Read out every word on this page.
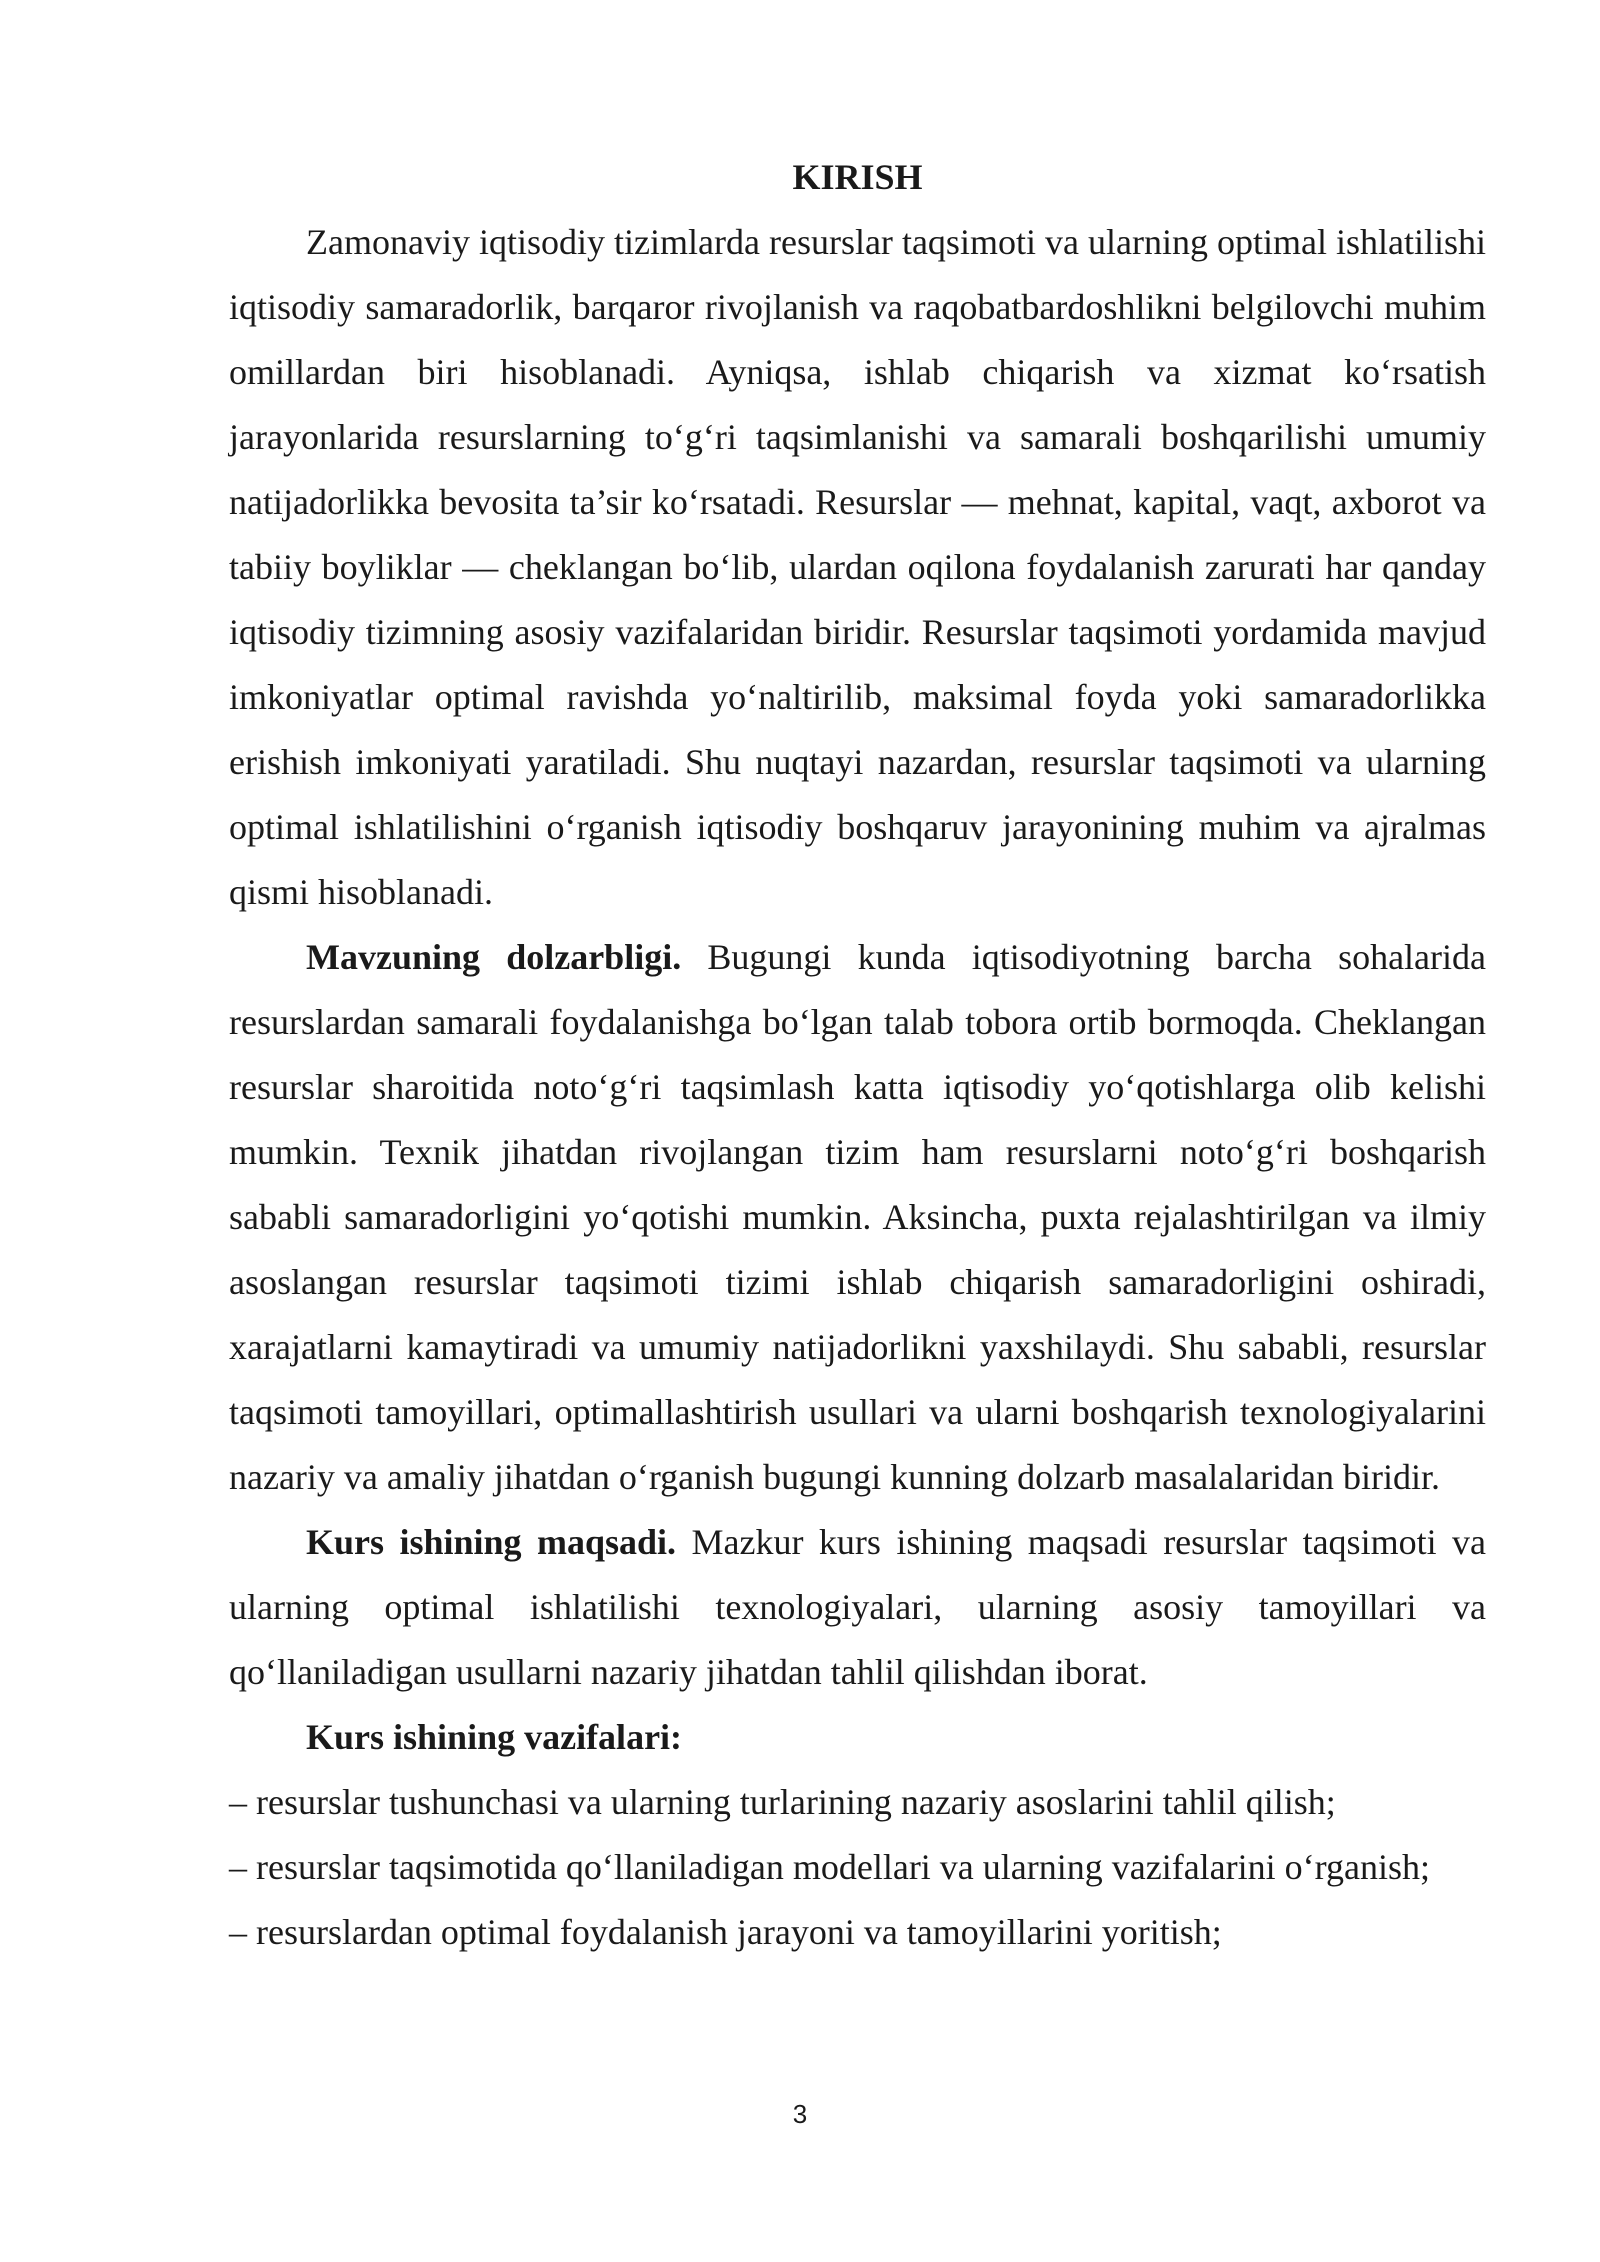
KIRISH

Zamonaviy iqtisodiy tizimlarda resurslar taqsimoti va ularning optimal ishlatilishi iqtisodiy samaradorlik, barqaror rivojlanish va raqobatbardoshlikni belgilovchi muhim omillardan biri hisoblanadi. Ayniqsa, ishlab chiqarish va xizmat ko‘rsatish jarayonlarida resurslarning to‘g‘ri taqsimlanishi va samarali boshqarilishi umumiy natijadorlikka bevosita ta’sir ko‘rsatadi. Resurslar — mehnat, kapital, vaqt, axborot va tabiiy boyliklar — cheklangan bo‘lib, ulardan oqilona foydalanish zarurati har qanday iqtisodiy tizimning asosiy vazifalaridan biridir. Resurslar taqsimoti yordamida mavjud imkoniyatlar optimal ravishda yo‘naltirilib, maksimal foyda yoki samaradorlikka erishish imkoniyati yaratiladi. Shu nuqtayi nazardan, resurslar taqsimoti va ularning optimal ishlatilishini o‘rganish iqtisodiy boshqaruv jarayonining muhim va ajralmas qismi hisoblanadi.

Mavzuning dolzarbligi. Bugungi kunda iqtisodiyotning barcha sohalarida resurslardan samarali foydalanishga bo‘lgan talab tobora ortib bormoqda. Cheklangan resurslar sharoitida noto‘g‘ri taqsimlash katta iqtisodiy yo‘qotishlarga olib kelishi mumkin. Texnik jihatdan rivojlangan tizim ham resurslarni noto‘g‘ri boshqarish sababli samaradorligini yo‘qotishi mumkin. Aksincha, puxta rejalashtirilgan va ilmiy asoslangan resurslar taqsimoti tizimi ishlab chiqarish samaradorligini oshiradi, xarajatlarni kamaytiradi va umumiy natijadorlikni yaxshilaydi. Shu sababli, resurslar taqsimoti tamoyillari, optimallashtirish usullari va ularni boshqarish texnologiyalarini nazariy va amaliy jihatdan o‘rganish bugungi kunning dolzarb masalalaridan biridir.

Kurs ishining maqsadi. Mazkur kurs ishining maqsadi resurslar taqsimoti va ularning optimal ishlatilishi texnologiyalari, ularning asosiy tamoyillari va qo‘llaniladigan usullarni nazariy jihatdan tahlil qilishdan iborat.

Kurs ishining vazifalari:

– resurslar tushunchasi va ularning turlarining nazariy asoslarini tahlil qilish;
– resurslar taqsimotida qo‘llaniladigan modellari va ularning vazifalarini o‘rganish;
– resurslardan optimal foydalanish jarayoni va tamoyillarini yoritish;
3
